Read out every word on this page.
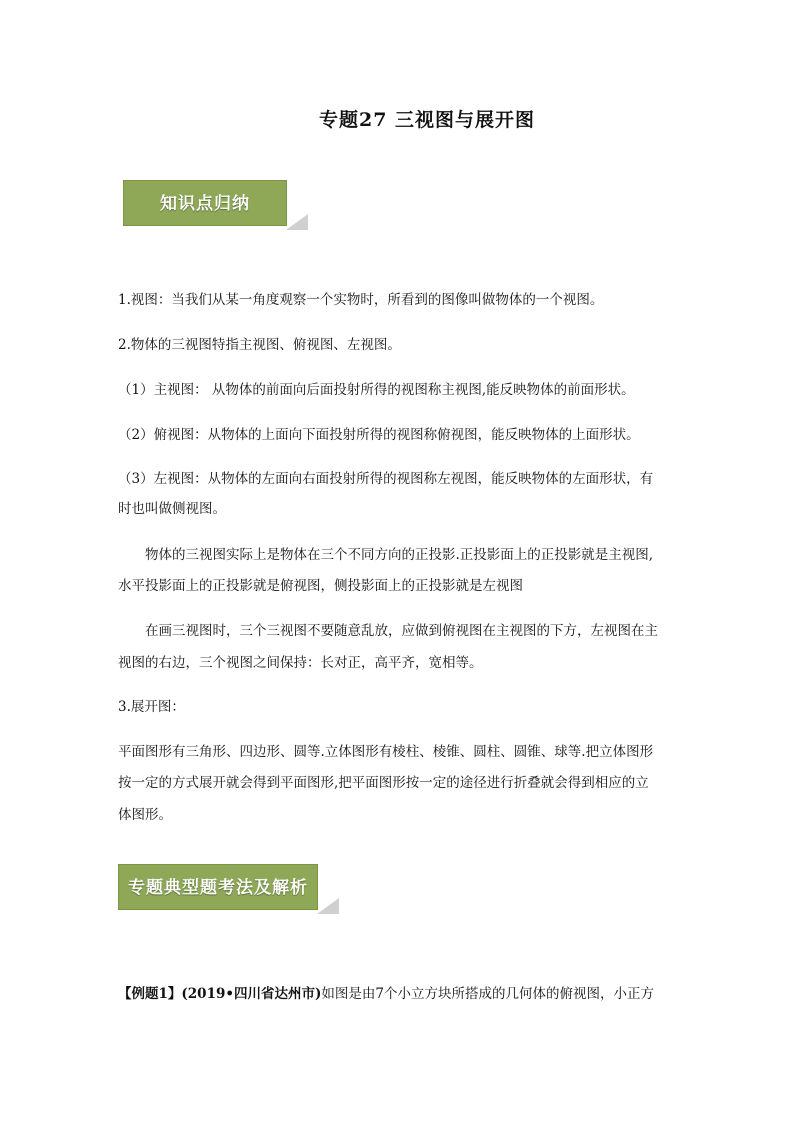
专题27 三视图与展开图
知识点归纳

1.视图：当我们从某一角度观察一个实物时，所看到的图像叫做物体的一个视图。

2.物体的三视图特指主视图、俯视图、左视图。

（1）主视图： 从物体的前面向后面投射所得的视图称主视图,能反映物体的前面形状。

（2）俯视图：从物体的上面向下面投射所得的视图称俯视图，能反映物体的上面形状。

（3）左视图：从物体的左面向右面投射所得的视图称左视图，能反映物体的左面形状，有

时也叫做侧视图。

物体的三视图实际上是物体在三个不同方向的正投影.正投影面上的正投影就是主视图,

水平投影面上的正投影就是俯视图，侧投影面上的正投影就是左视图

在画三视图时，三个三视图不要随意乱放，应做到俯视图在主视图的下方，左视图在主

视图的右边，三个视图之间保持：长对正，高平齐，宽相等。

3.展开图：

平面图形有三角形、四边形、圆等.立体图形有棱柱、棱锥、圆柱、圆锥、球等.把立体图形

按一定的方式展开就会得到平面图形,把平面图形按一定的途径进行折叠就会得到相应的立

体图形。

专题典型题考法及解析

【例题1】(2019•四川省达州市)如图是由7个小立方块所搭成的几何体的俯视图，小正方
